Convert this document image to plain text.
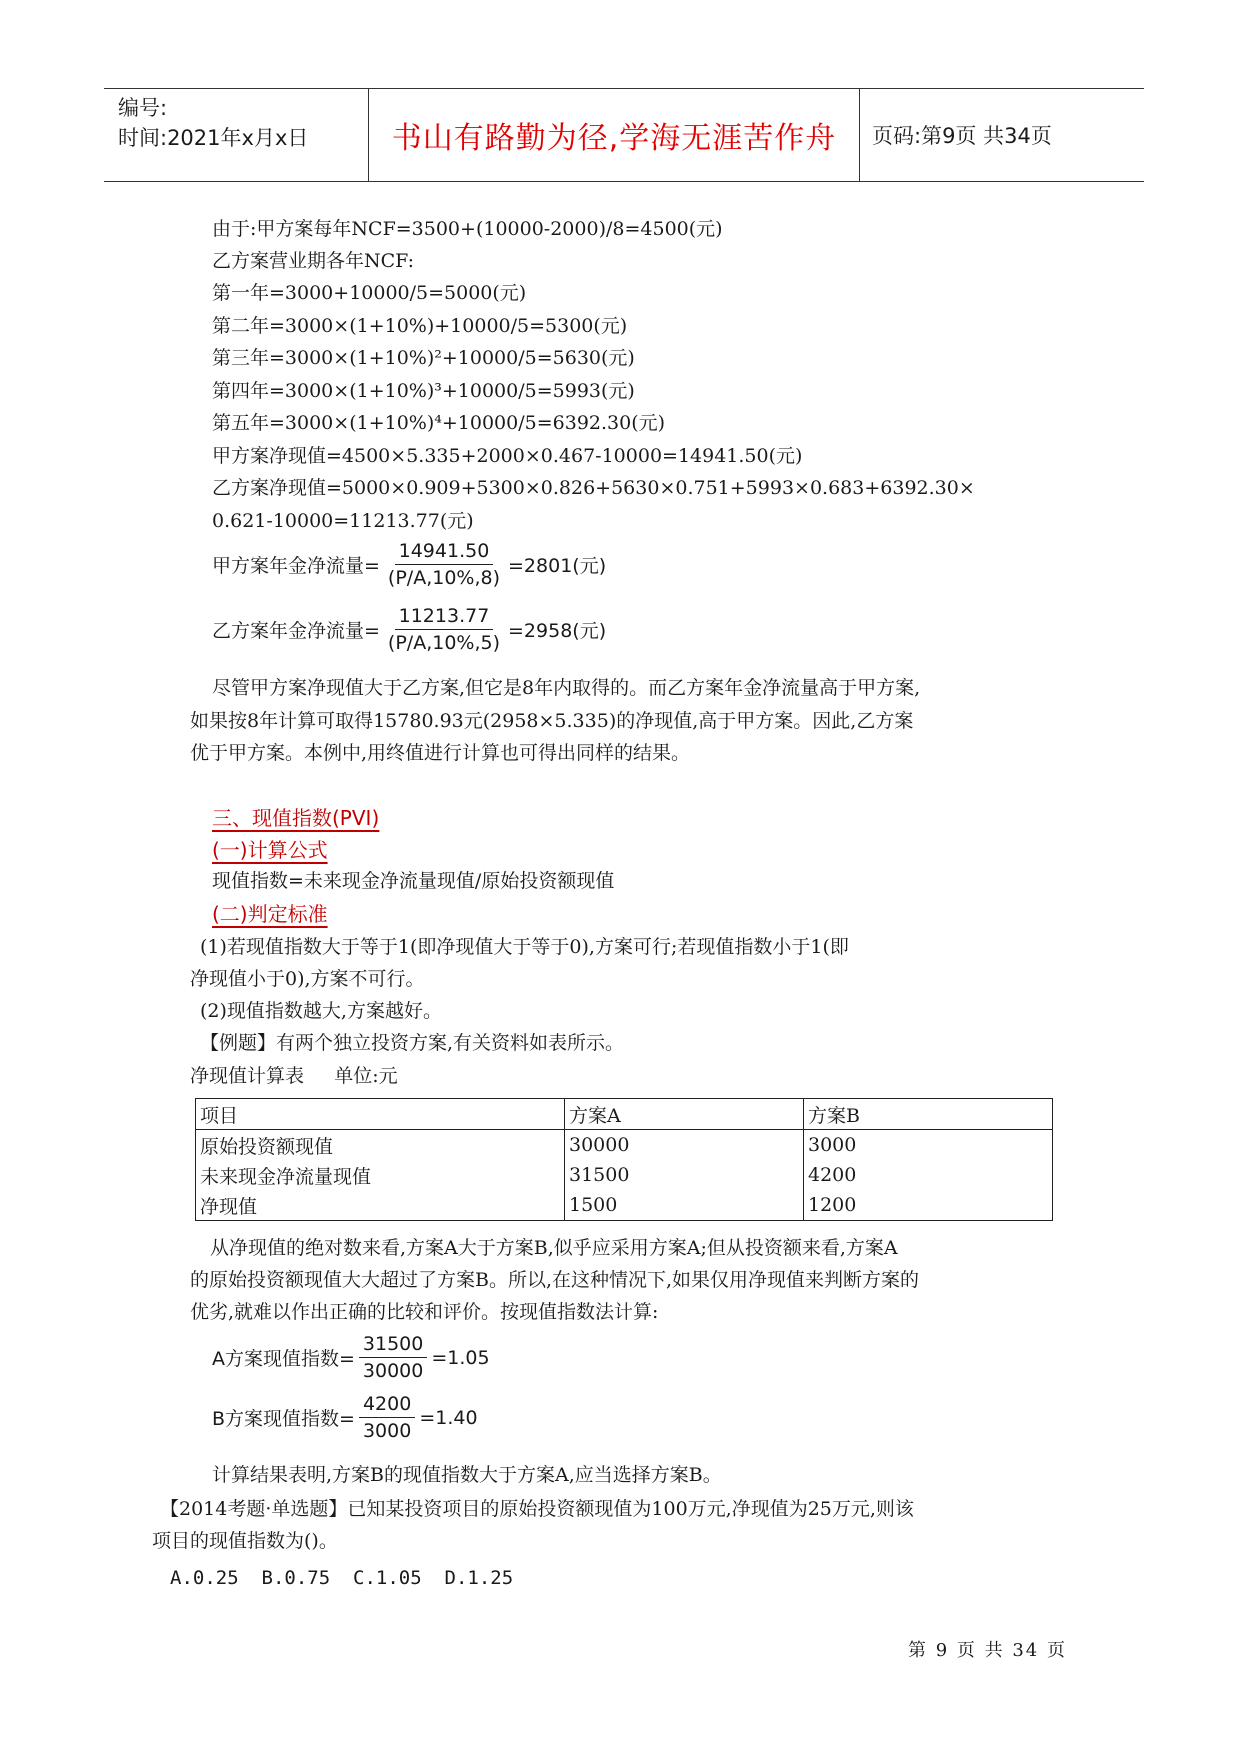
编号:
时间:2021年x月x日	书山有路勤为径,学海无涯苦作舟	页码:第9页 共34页
由于:甲方案每年NCF=3500+(10000-2000)/8=4500(元)
乙方案营业期各年NCF:
第一年=3000+10000/5=5000(元)
第二年=3000×(1+10%)+10000/5=5300(元)
第三年=3000×(1+10%)²+10000/5=5630(元)
第四年=3000×(1+10%)³+10000/5=5993(元)
第五年=3000×(1+10%)⁴+10000/5=6392.30(元)
甲方案净现值=4500×5.335+2000×0.467-10000=14941.50(元)
乙方案净现值=5000×0.909+5300×0.826+5630×0.751+5993×0.683+6392.30×
0.621-10000=11213.77(元)
甲方案年金净流量= $\frac{14941.50}{(P/A,10\%,8)} =2801$(元)
乙方案年金净流量= $\frac{11213.77}{(P/A,10\%,5)} =2958$(元)
尽管甲方案净现值大于乙方案,但它是8年内取得的。而乙方案年金净流量高于甲方案,
如果按8年计算可取得15780.93元(2958×5.335)的净现值,高于甲方案。因此,乙方案
优于甲方案。本例中,用终值进行计算也可得出同样的结果。
三、现值指数(PVI)
(一)计算公式
现值指数=未来现金净流量现值/原始投资额现值
(二)判定标准
(1)若现值指数大于等于1(即净现值大于等于0),方案可行;若现值指数小于1(即
净现值小于0),方案不可行。
(2)现值指数越大,方案越好。
【例题】有两个独立投资方案,有关资料如表所示。
净现值计算表     单位:元
项目	方案A	方案B
原始投资额现值	30000	3000
未来现金净流量现值	31500	4200
净现值	1500	1200
从净现值的绝对数来看,方案A大于方案B,似乎应采用方案A;但从投资额来看,方案A
的原始投资额现值大大超过了方案B。所以,在这种情况下,如果仅用净现值来判断方案的
优劣,就难以作出正确的比较和评价。按现值指数法计算:
A方案现值指数= $\frac{31500}{30000} =1.05$
B方案现值指数= $\frac{4200}{3000} =1.40$
计算结果表明,方案B的现值指数大于方案A,应当选择方案B。
【2014考题·单选题】已知某投资项目的原始投资额现值为100万元,净现值为25万元,则该
项目的现值指数为()。
A.0.25  B.0.75  C.1.05  D.1.25
第 9 页 共 34 页
